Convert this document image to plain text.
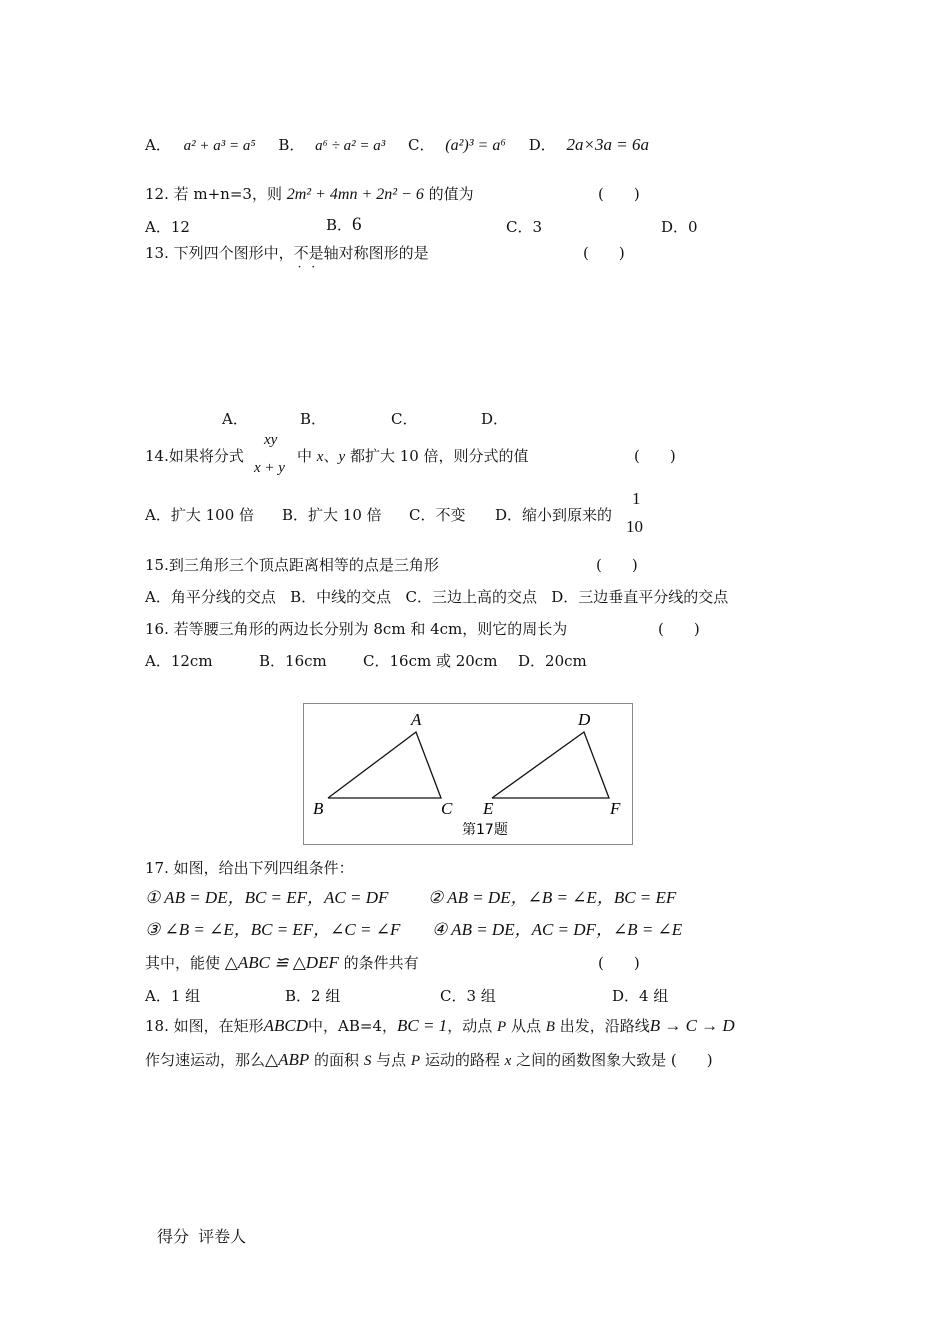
A． a² + a³ = a⁵ B． a⁶ ÷ a² = a³ C． (a²)³ = a⁶ D． 2a×3a = 6a
12. 若 m+n=3，则 2m² + 4mn + 2n² − 6 的值为	(　　)
A．12	B．6	C．3	D．0
13. 下列四个图形中，不是
· ·
轴对称图形的是	(　　)
A．	B．	C．	D．
14.如果将分式
xy
x + y
中 x、y 都扩大 10 倍，则分式的值	(　　)
A．扩大 100 倍 B．扩大 10 倍 C．不变 D．缩小到原来的
1
10
15.到三角形三个顶点距离相等的点是三角形	(　　)
A．角平分线的交点   B．中线的交点   C．三边上高的交点   D．三边垂直平分线的交点
16. 若等腰三角形的两边长分别为 8cm 和 4cm，则它的周长为	(　　)
A．12cm	B．16cm C．16cm 或 20cm D．20cm
A
B	C
D
E	F
第17题
17. 如图，给出下列四组条件：
① AB = DE，BC = EF，AC = DF ② AB = DE，∠B = ∠E，BC = EF
③ ∠B = ∠E，BC = EF，∠C = ∠F ④ AB = DE，AC = DF，∠B = ∠E
其中，能使 △ABC ≌ △DEF 的条件共有	(　　)
A．1 组	B．2 组	C．3 组	D．4 组
18. 如图，在矩形ABCD中，AB=4，BC = 1，动点 P 从点 B 出发，沿路线B → C → D
作匀速运动，那么△ABP 的面积 S 与点 P 运动的路程 x 之间的函数图象大致是 (　　)
得分 评卷人
